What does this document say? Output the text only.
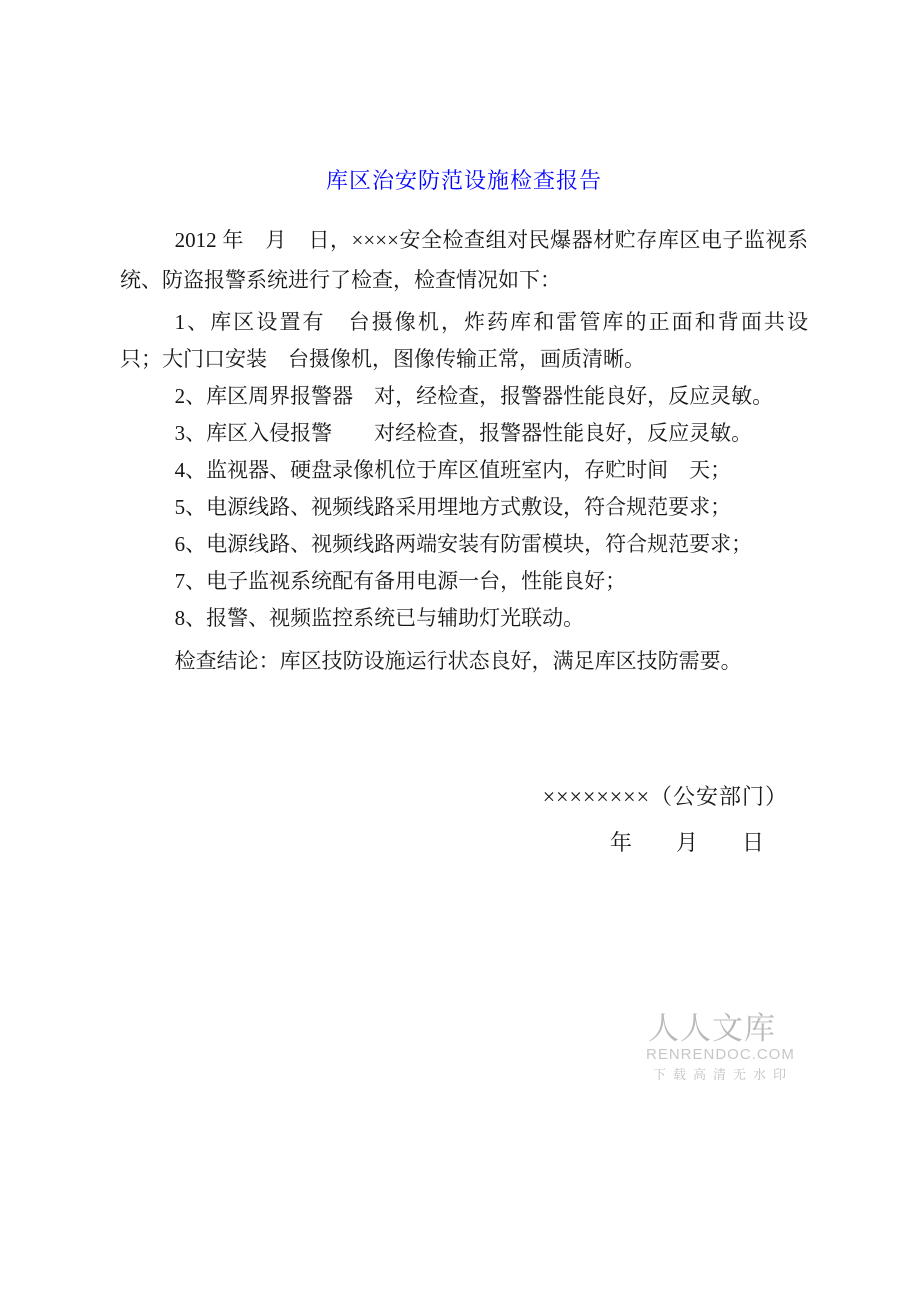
库区治安防范设施检查报告

2012 年　月　日，××××安全检查组对民爆器材贮存库区电子监视系统、防盗报警系统进行了检查，检查情况如下：

1、库区设置有　台摄像机，炸药库和雷管库的正面和背面共设　只；大门口安装　台摄像机，图像传输正常，画质清晰。

2、库区周界报警器　对，经检查，报警器性能良好，反应灵敏。

3、库区入侵报警　　对经检查，报警器性能良好，反应灵敏。

4、监视器、硬盘录像机位于库区值班室内，存贮时间　天；

5、电源线路、视频线路采用埋地方式敷设，符合规范要求；

6、电源线路、视频线路两端安装有防雷模块，符合规范要求；

7、电子监视系统配有备用电源一台，性能良好；

8、报警、视频监控系统已与辅助灯光联动。

检查结论：库区技防设施运行状态良好，满足库区技防需要。

××××××××（公安部门）

年　　月　　日

人人文库
RENRENDOC.COM
下载高清无水印
